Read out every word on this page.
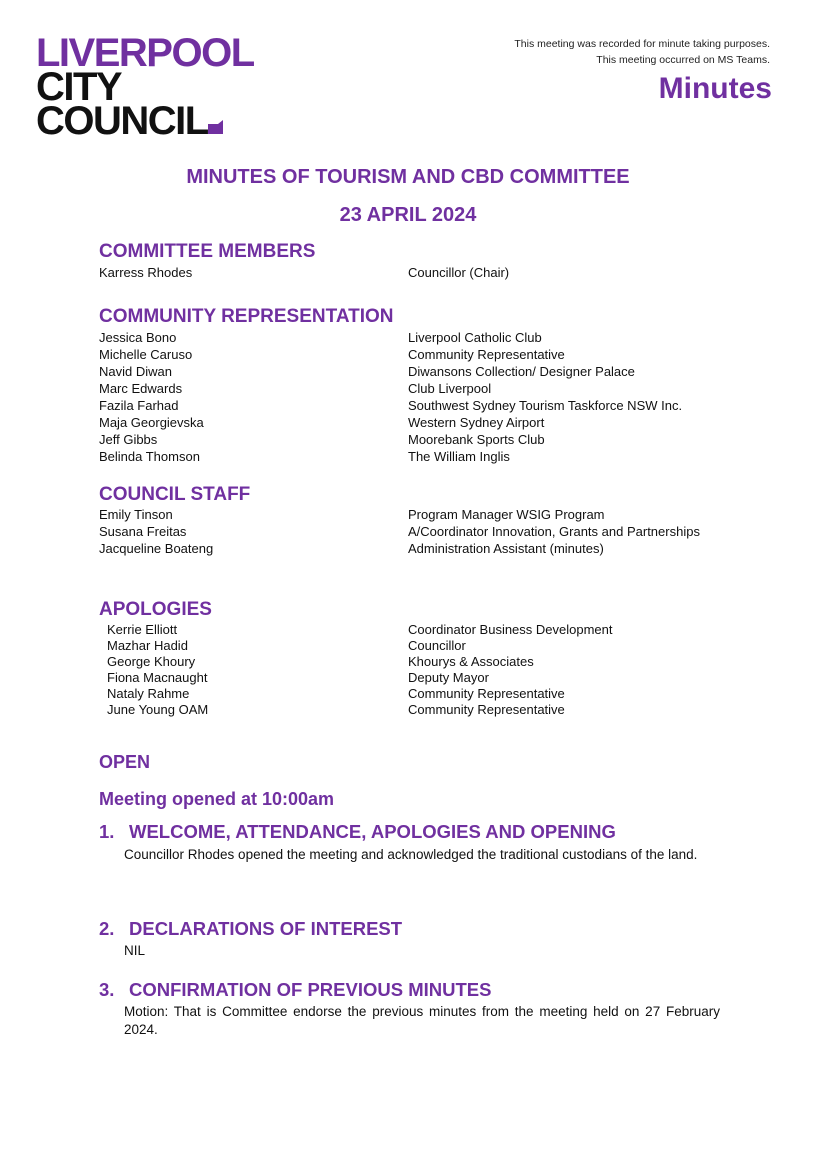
LIVERPOOL
CITY
COUNCIL
This meeting was recorded for minute taking purposes.
This meeting occurred on MS Teams.
Minutes
MINUTES OF TOURISM AND CBD COMMITTEE
23 APRIL 2024
COMMITTEE MEMBERS
Karress Rhodes	Councillor (Chair)
COMMUNITY REPRESENTATION
Jessica Bono	Liverpool Catholic Club
Michelle Caruso	Community Representative
Navid Diwan	Diwansons Collection/ Designer Palace
Marc Edwards	Club Liverpool
Fazila Farhad	Southwest Sydney Tourism Taskforce NSW Inc.
Maja Georgievska	Western Sydney Airport
Jeff Gibbs	Moorebank Sports Club
Belinda Thomson	The William Inglis
COUNCIL STAFF
Emily Tinson	Program Manager WSIG Program
Susana Freitas	A/Coordinator Innovation, Grants and Partnerships
Jacqueline Boateng	Administration Assistant (minutes)
APOLOGIES
Kerrie Elliott	Coordinator Business Development
Mazhar Hadid	Councillor
George Khoury	Khourys & Associates
Fiona Macnaught	Deputy Mayor
Nataly Rahme	Community Representative
June Young OAM	Community Representative
OPEN
Meeting opened at 10:00am
1. WELCOME, ATTENDANCE, APOLOGIES AND OPENING
Councillor Rhodes opened the meeting and acknowledged the traditional custodians of the land.
2. DECLARATIONS OF INTEREST
NIL
3. CONFIRMATION OF PREVIOUS MINUTES
Motion: That is Committee endorse the previous minutes from the meeting held on 27 February 2024.
